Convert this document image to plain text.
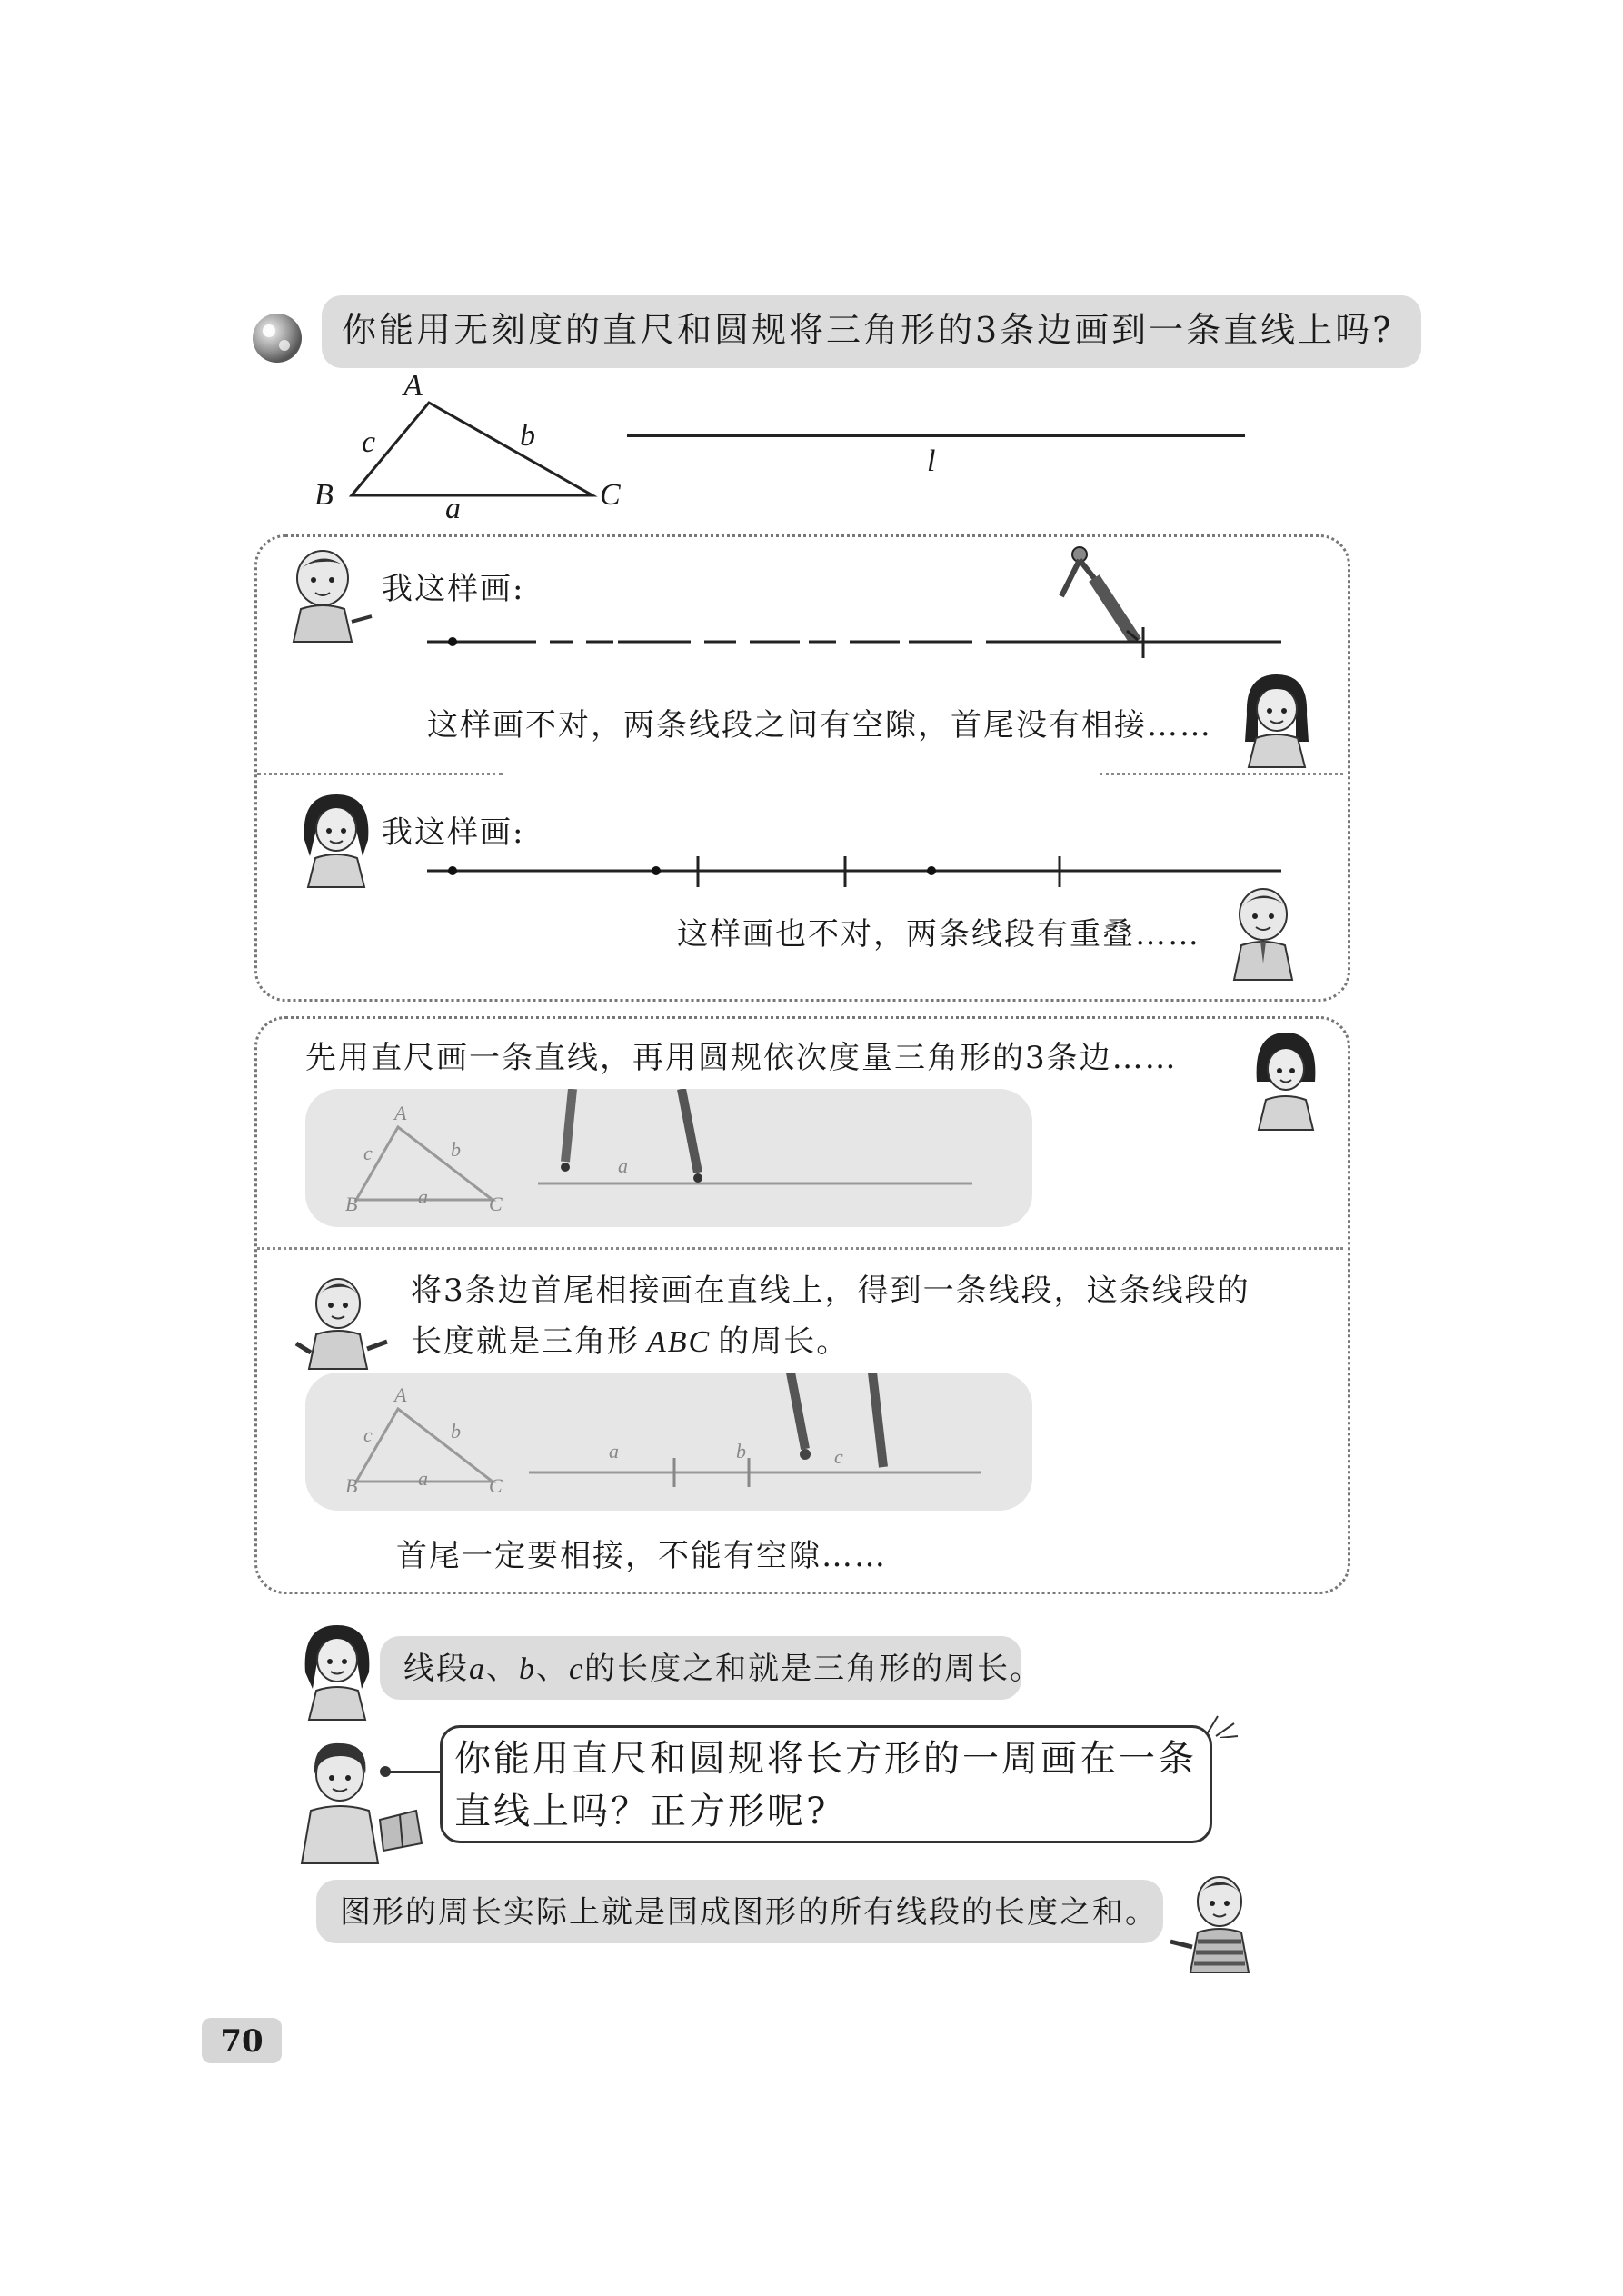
你能用无刻度的直尺和圆规将三角形的3条边画到一条直线上吗?
A
B	C
a
b
c
l
我这样画:
这样画不对，两条线段之间有空隙，首尾没有相接……
我这样画:
这样画也不对，两条线段有重叠……
先用直尺画一条直线，再用圆规依次度量三角形的3条边……
A
c	b
B	a	C
a
将3条边首尾相接画在直线上，得到一条线段，这条线段的
长度就是三角形 ABC 的周长。
A
c	b
B	a	C
a	b	c
首尾一定要相接，不能有空隙……
线段a、b、c的长度之和就是三角形的周长。
你能用直尺和圆规将长方形的一周画在一条
直线上吗？正方形呢?
图形的周长实际上就是围成图形的所有线段的长度之和。
70
